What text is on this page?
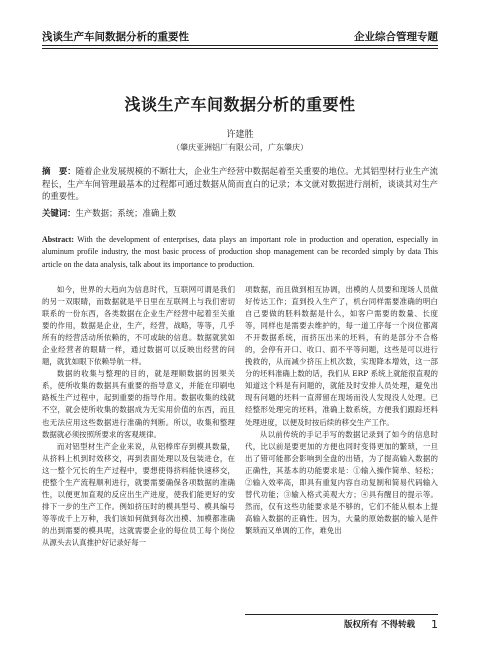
浅谈生产车间数据分析的重要性	企业综合管理专题
浅谈生产车间数据分析的重要性
许建胜
（肇庆亚洲铝厂有限公司，广东肇庆）
摘　要：随着企业发展规模的不断壮大，企业生产经营中数据起着至关重要的地位。尤其铝型材行业生产流程长，生产车间管理最基本的过程都可通过数据从简而直白的记录；本文就对数据进行剖析，谈谈其对生产的重要性。
关键词：生产数据；系统；准确上数
Abstract: With the development of enterprises, data plays an important role in production and operation, especially in aluminum profile industry, the most basic process of production shop management can be recorded simply by data This article on the data analysis, talk about its importance to production.

如今，世界的大趋向为信息时代，互联网可谓是我们的另一双眼睛，而数据就是平日里在互联网上与我们密切联系的一份东西，各类数据在企业生产经营中起着至关重要的作用，数据是企业，生产，经营，战略，等等，几乎所有的经营活动所依赖的，不可或缺的信息。数据就犹如企业经营者的眼睛一样，通过数据可以反映出经营的问题，就犹如眼下依赖导航一样。

数据的收集与整理的目的，就是理顺数据的因果关系，使所收集的数据具有重要的指导意义，并能在印刷电路板生产过程中，起到重要的指导作用。数据收集的线就不空，就会使所收集的数据成为无实用价值的东西，而且也无法应用这些数据进行准确的判断。所以，收集和整理数据就必须按照所要求的客观规律。

而对铝型材生产企业来说，从铝棒库存到模具数量，从挤料上机到时效移交，再到表面处理以及包装进仓，在这一整个冗长的生产过程中，要想使得挤料能快速移交，使整个生产流程顺利进行，就要需要确保各项数据的准确性，以便更加直观的反应出生产进度，使我们能更好的安排下一步的生产工作。例如挤压时的模具型号、模具编号等等成千上万种，我们该如何做到每次出模、加模都准确的出到需要的模具呢，这就需要企业的每位员工每个岗位从源头去认真推护好记录好每一

项数据，而且做到相互协调，出模的人员要和现场人员做好传达工作；直到投入生产了，机台同样需要准确的明白自己要做的胚料数据是什么，如客户需要的数量、长度等，同样也是需要去维护的，每一道工序每一个岗位都离不开数据系统，而挤压出来的坯料，有的是部分不合格的，会停有开口、收口、面不平等问题，这些是可以进行挽救的，从而减少挤压上机次数，实现降本增效，这一部分的坯料准确上数的话，我们从 ERP 系统上就能很直观的知道这个料是有问题的，就能及时安排人员处理，避免出现有问题的坯料一直滞留在现场而没人发现没人处理。已经整形处理完的坯料，准确上数系统，方便我们跟踪坯料处理进度，以便及时按后续的移交生产工作。

从以前传统的手记手写的数据记录到了如今的信息时代，比以前是要更加的方便也同时变得更加的繁琐，一旦出了错可能都会影响到全盘的出错，为了提高输入数据的正确性，其基本的功能要求是：①输入操作简单、轻松；②输入效率高，即具有重复内容自动复制和简易代码输入替代功能；③输入格式美观大方；④具有醒目的提示等。然而，仅有这些功能要求是不够的，它们不能从根本上提高输入数据的正确性。因为，大量的原始数据的输入是件繁琐而又单调的工作，难免出

版权所有 不得转载 1
